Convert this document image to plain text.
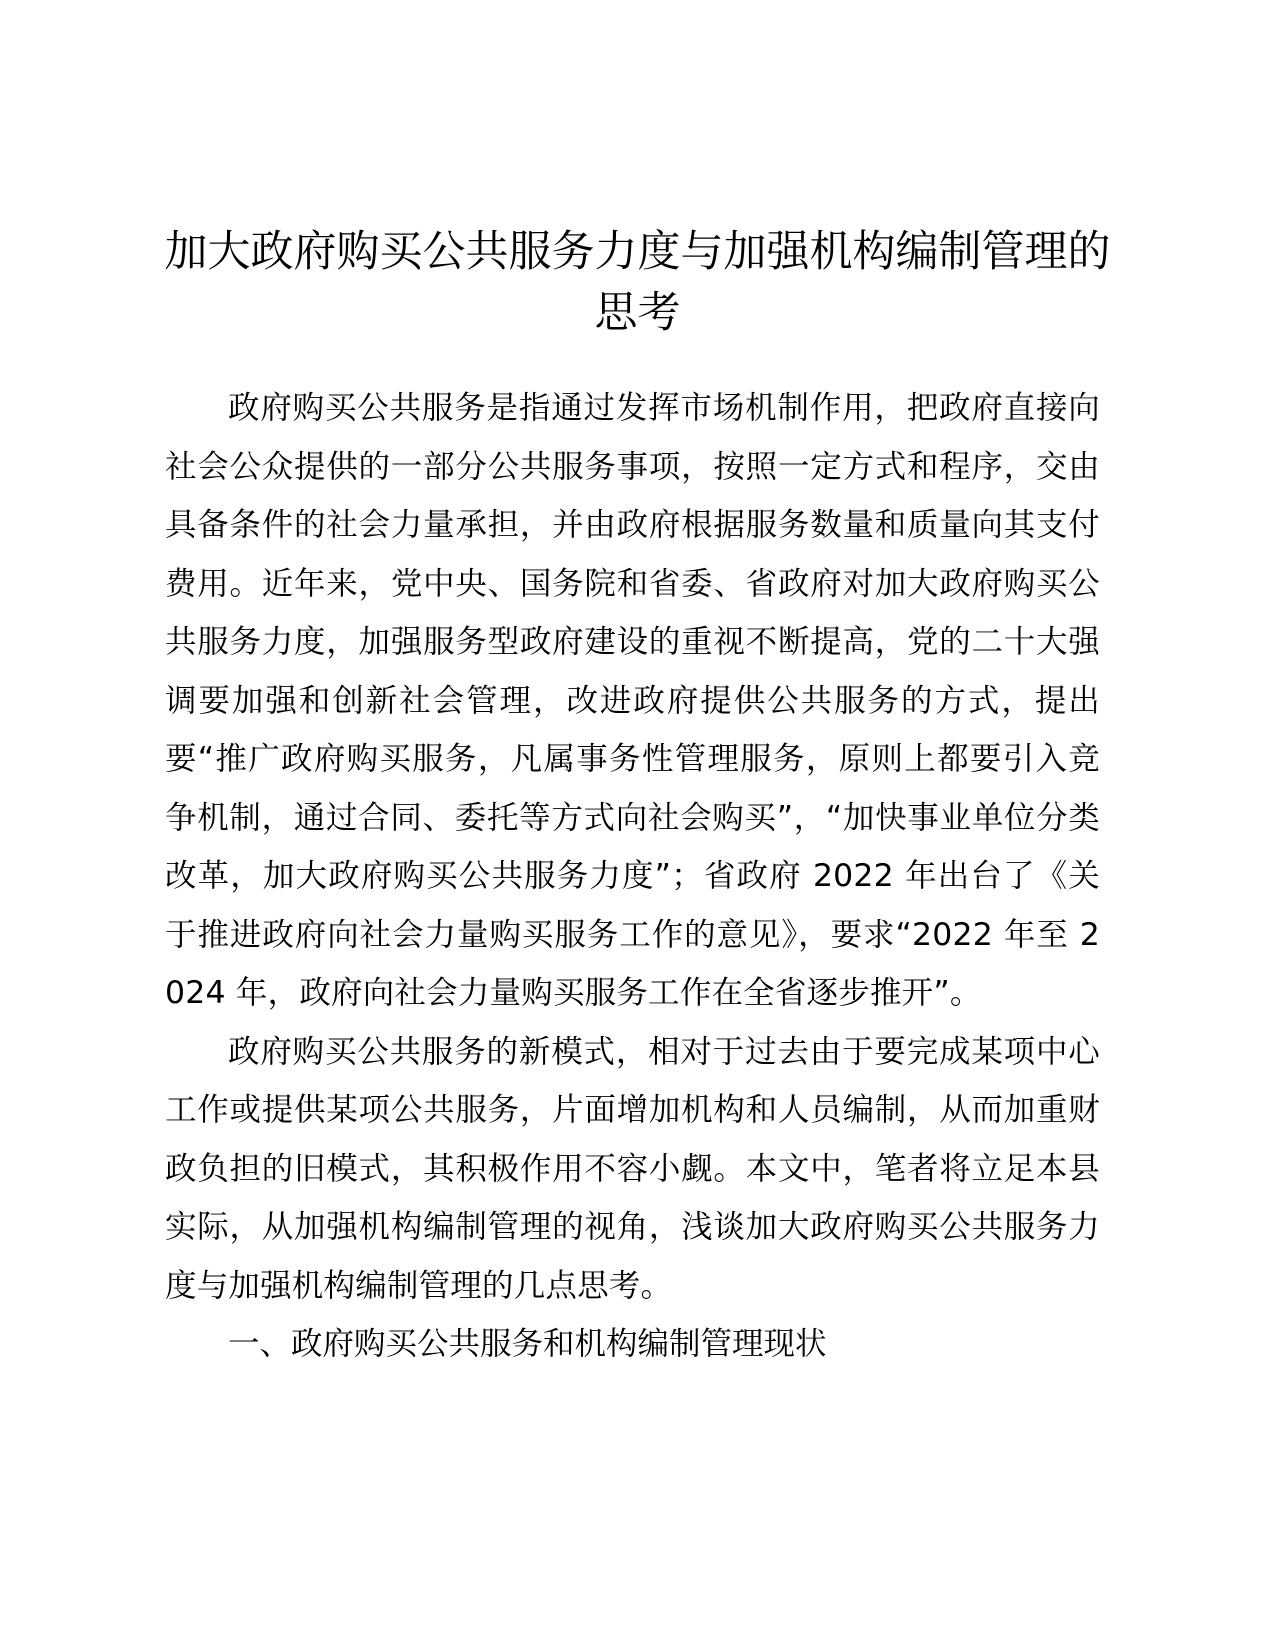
加大政府购买公共服务力度与加强机构编制管理的思考

政府购买公共服务是指通过发挥市场机制作用，把政府直接向社会公众提供的一部分公共服务事项，按照一定方式和程序，交由具备条件的社会力量承担，并由政府根据服务数量和质量向其支付费用。近年来，党中央、国务院和省委、省政府对加大政府购买公共服务力度，加强服务型政府建设的重视不断提高，党的二十大强调要加强和创新社会管理，改进政府提供公共服务的方式，提出要“推广政府购买服务，凡属事务性管理服务，原则上都要引入竞争机制，通过合同、委托等方式向社会购买”，“加快事业单位分类改革，加大政府购买公共服务力度”；省政府 2022 年出台了《关于推进政府向社会力量购买服务工作的意见》，要求“2022 年至 2024 年，政府向社会力量购买服务工作在全省逐步推开”。

政府购买公共服务的新模式，相对于过去由于要完成某项中心工作或提供某项公共服务，片面增加机构和人员编制，从而加重财政负担的旧模式，其积极作用不容小觑。本文中，笔者将立足本县实际，从加强机构编制管理的视角，浅谈加大政府购买公共服务力度与加强机构编制管理的几点思考。

一、政府购买公共服务和机构编制管理现状
